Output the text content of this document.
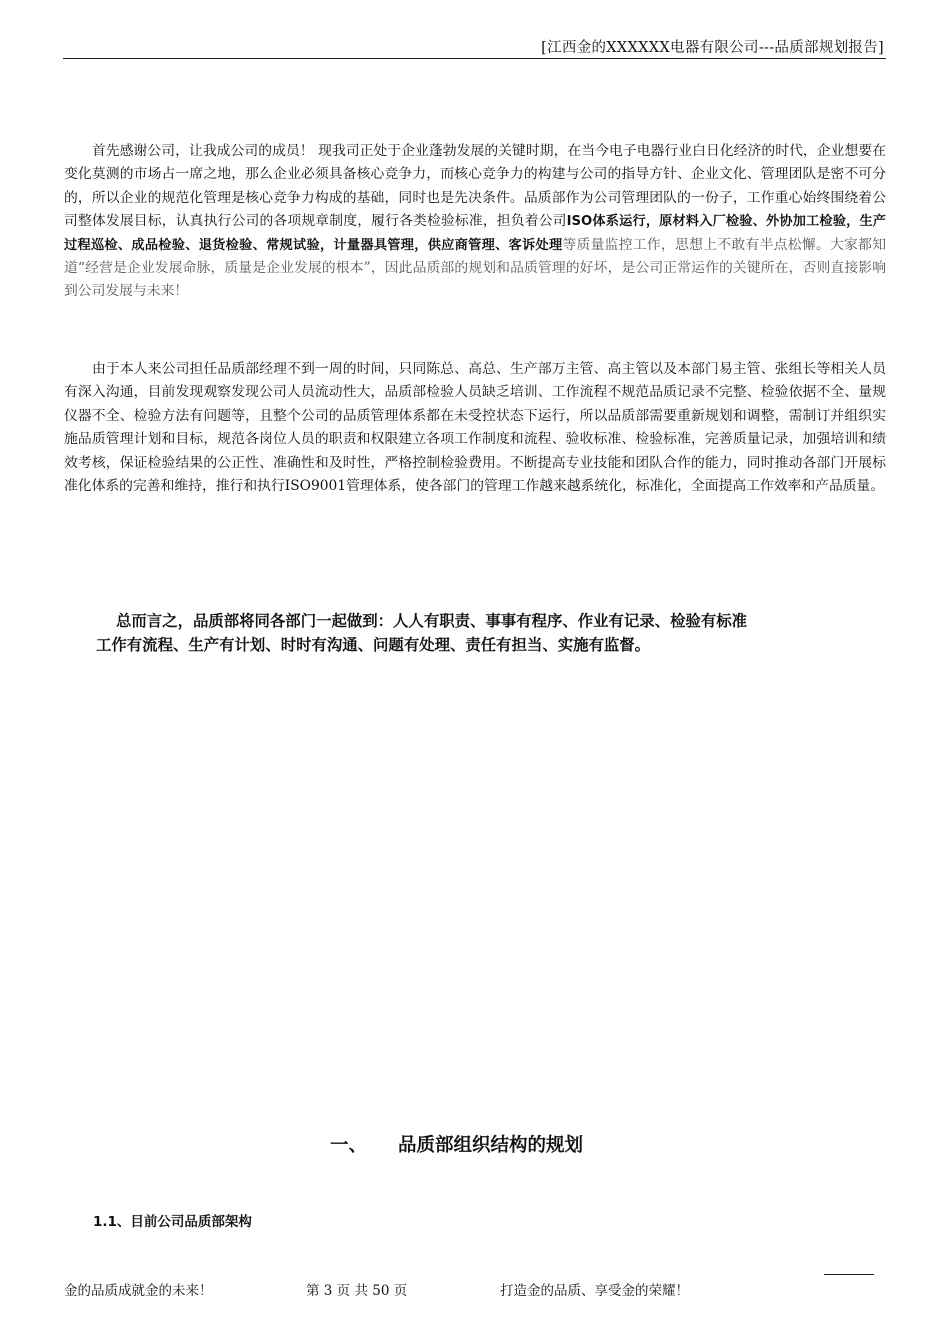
[江西金的XXXXXX电器有限公司---品质部规划报告]

首先感谢公司，让我成公司的成员！ 现我司正处于企业蓬勃发展的关键时期，在当今电子电器行业白日化经济的时代，企业想要在变化莫测的市场占一席之地，那么企业必须具备核心竞争力，而核心竞争力的构建与公司的指导方针、企业文化、管理团队是密不可分的，所以企业的规范化管理是核心竞争力构成的基础，同时也是先决条件。品质部作为公司管理团队的一份子，工作重心始终围绕着公司整体发展目标，认真执行公司的各项规章制度，履行各类检验标准，担负着公司ISO体系运行，原材料入厂检验、外协加工检验，生产过程巡检、成品检验、退货检验、常规试验，计量器具管理，供应商管理、客诉处理等质量监控工作，思想上不敢有半点松懈。大家都知道“经营是企业发展命脉，质量是企业发展的根本”，因此品质部的规划和品质管理的好坏，是公司正常运作的关键所在，否则直接影响到公司发展与未来！

由于本人来公司担任品质部经理不到一周的时间，只同陈总、高总、生产部万主管、高主管以及本部门易主管、张组长等相关人员有深入沟通，目前发现观察发现公司人员流动性大，品质部检验人员缺乏培训、工作流程不规范品质记录不完整、检验依据不全、量规仪器不全、检验方法有问题等，且整个公司的品质管理体系都在未受控状态下运行，所以品质部需要重新规划和调整，需制订并组织实施品质管理计划和目标，规范各岗位人员的职责和权限建立各项工作制度和流程、验收标准、检验标准，完善质量记录，加强培训和绩效考核，保证检验结果的公正性、准确性和及时性，严格控制检验费用。不断提高专业技能和团队合作的能力，同时推动各部门开展标准化体系的完善和维持，推行和执行ISO9001管理体系，使各部门的管理工作越来越系统化，标准化，全面提高工作效率和产品质量。

总而言之，品质部将同各部门一起做到：人人有职责、事事有程序、作业有记录、检验有标准
工作有流程、生产有计划、时时有沟通、问题有处理、责任有担当、实施有监督。

一、 品质部组织结构的规划
1.1、目前公司品质部架构
金的品质成就金的未来！	第 3 页 共 50 页	打造金的品质、享受金的荣耀！
